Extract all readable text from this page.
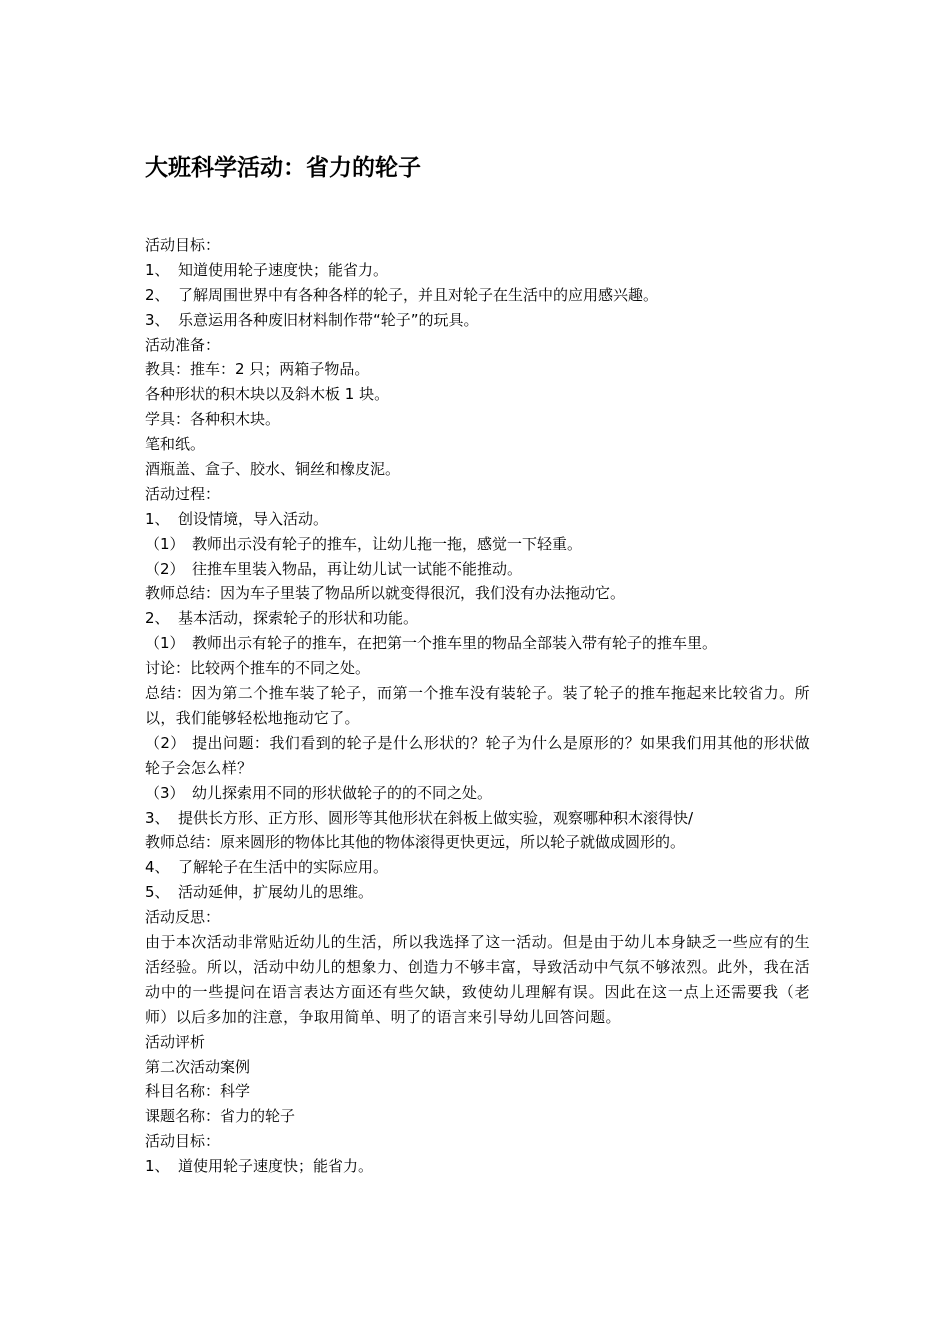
大班科学活动：省力的轮子
活动目标：
1、 知道使用轮子速度快；能省力。
2、 了解周围世界中有各种各样的轮子，并且对轮子在生活中的应用感兴趣。
3、 乐意运用各种废旧材料制作带“轮子”的玩具。
活动准备：
教具：推车：2 只；两箱子物品。
各种形状的积木块以及斜木板 1 块。
学具：各种积木块。
笔和纸。
酒瓶盖、盒子、胶水、铜丝和橡皮泥。
活动过程：
1、 创设情境，导入活动。
（1） 教师出示没有轮子的推车，让幼儿拖一拖，感觉一下轻重。
（2） 往推车里装入物品，再让幼儿试一试能不能推动。
教师总结：因为车子里装了物品所以就变得很沉，我们没有办法拖动它。
2、 基本活动，探索轮子的形状和功能。
（1） 教师出示有轮子的推车，在把第一个推车里的物品全部装入带有轮子的推车里。
讨论：比较两个推车的不同之处。
总结：因为第二个推车装了轮子，而第一个推车没有装轮子。装了轮子的推车拖起来比较省力。所以，我们能够轻松地拖动它了。
（2） 提出问题：我们看到的轮子是什么形状的？轮子为什么是原形的？如果我们用其他的形状做轮子会怎么样？
（3） 幼儿探索用不同的形状做轮子的的不同之处。
3、 提供长方形、正方形、圆形等其他形状在斜板上做实验，观察哪种积木滚得快/
教师总结：原来圆形的物体比其他的物体滚得更快更远，所以轮子就做成圆形的。
4、 了解轮子在生活中的实际应用。
5、 活动延伸，扩展幼儿的思维。
活动反思：
由于本次活动非常贴近幼儿的生活，所以我选择了这一活动。但是由于幼儿本身缺乏一些应有的生活经验。所以，活动中幼儿的想象力、创造力不够丰富，导致活动中气氛不够浓烈。此外，我在活动中的一些提问在语言表达方面还有些欠缺，致使幼儿理解有误。因此在这一点上还需要我（老师）以后多加的注意，争取用简单、明了的语言来引导幼儿回答问题。
活动评析
第二次活动案例
科目名称：科学
课题名称：省力的轮子
活动目标：
1、 道使用轮子速度快；能省力。
